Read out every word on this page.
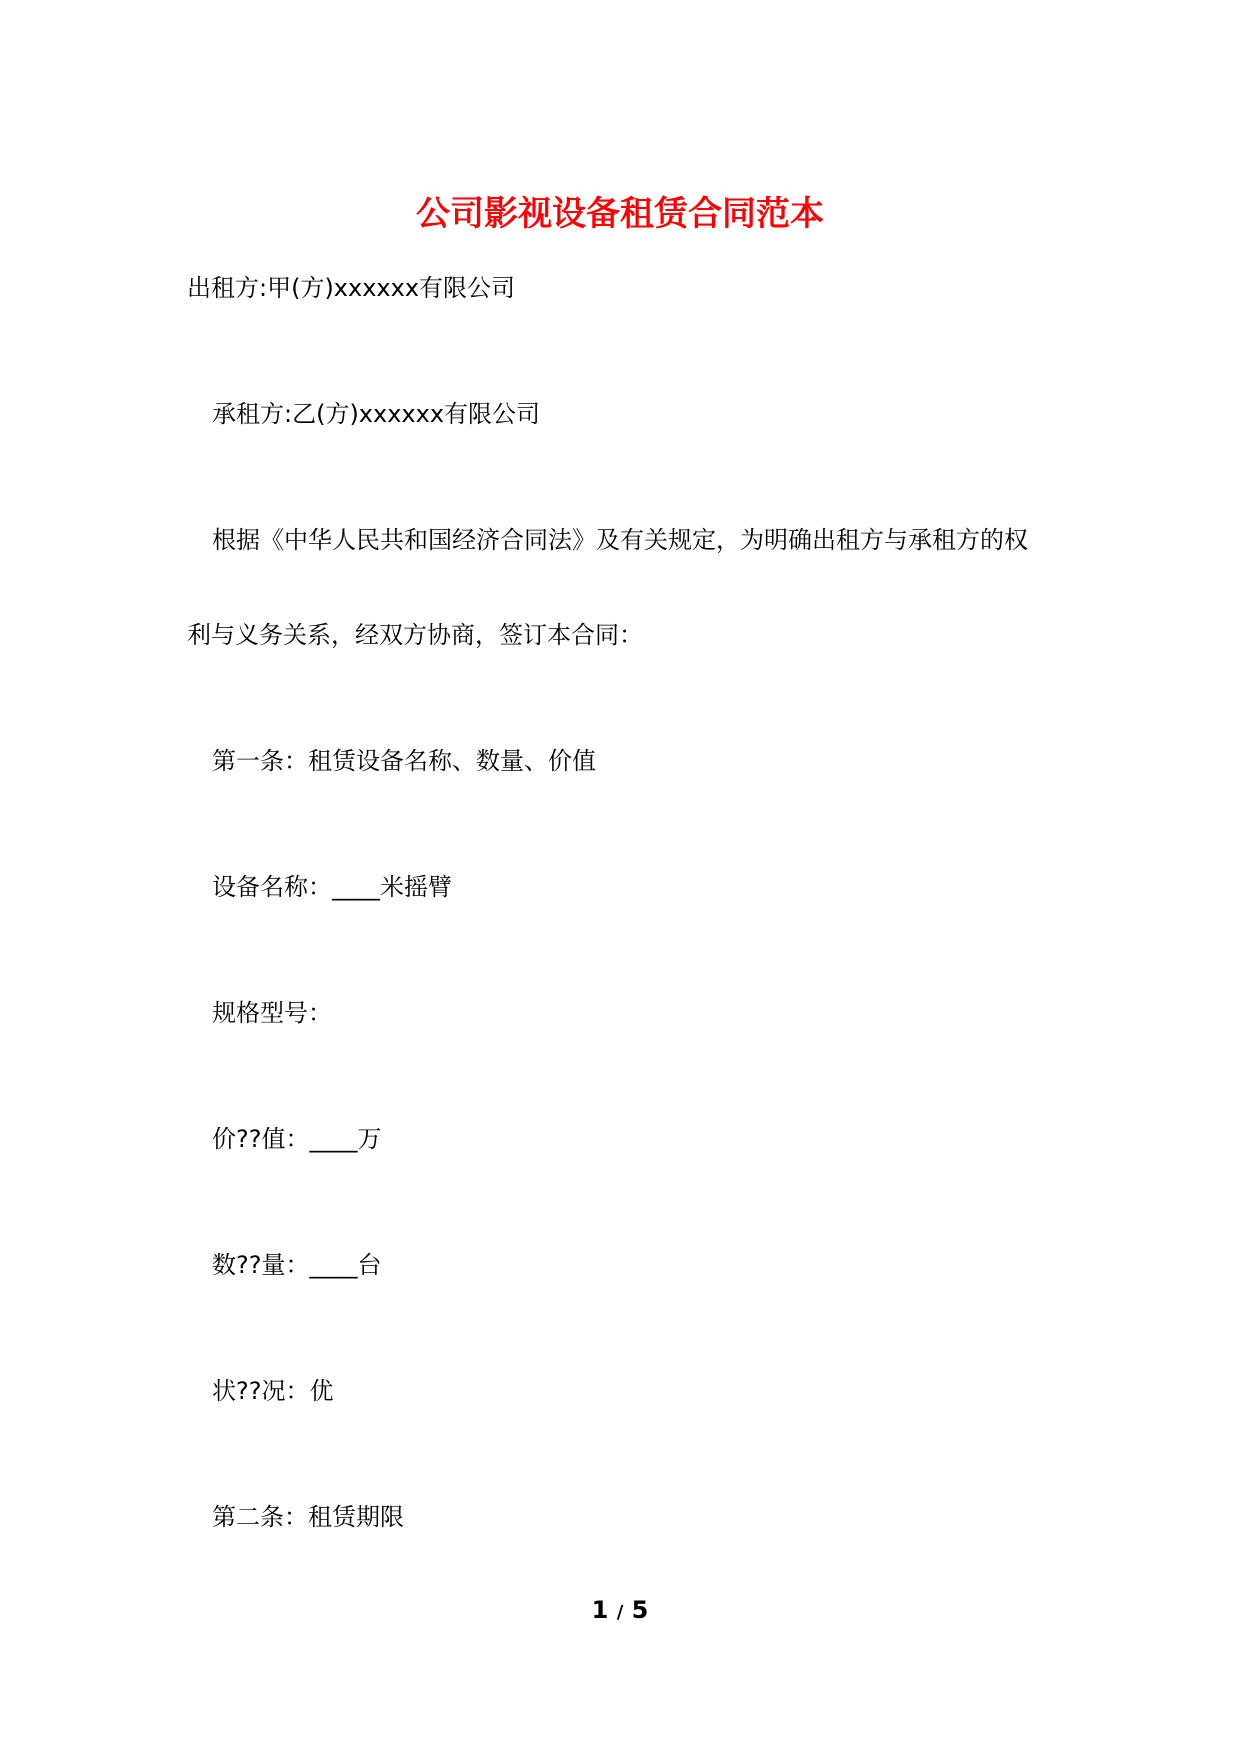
公司影视设备租赁合同范本
出租方:甲(方)xxxxxx有限公司
承租方:乙(方)xxxxxx有限公司
根据《中华人民共和国经济合同法》及有关规定，为明确出租方与承租方的权
利与义务关系，经双方协商，签订本合同：
第一条：租赁设备名称、数量、价值
设备名称：____米摇臂
规格型号：
价??值：____万
数??量：____台
状??况：优
第二条：租赁期限
1 / 5
